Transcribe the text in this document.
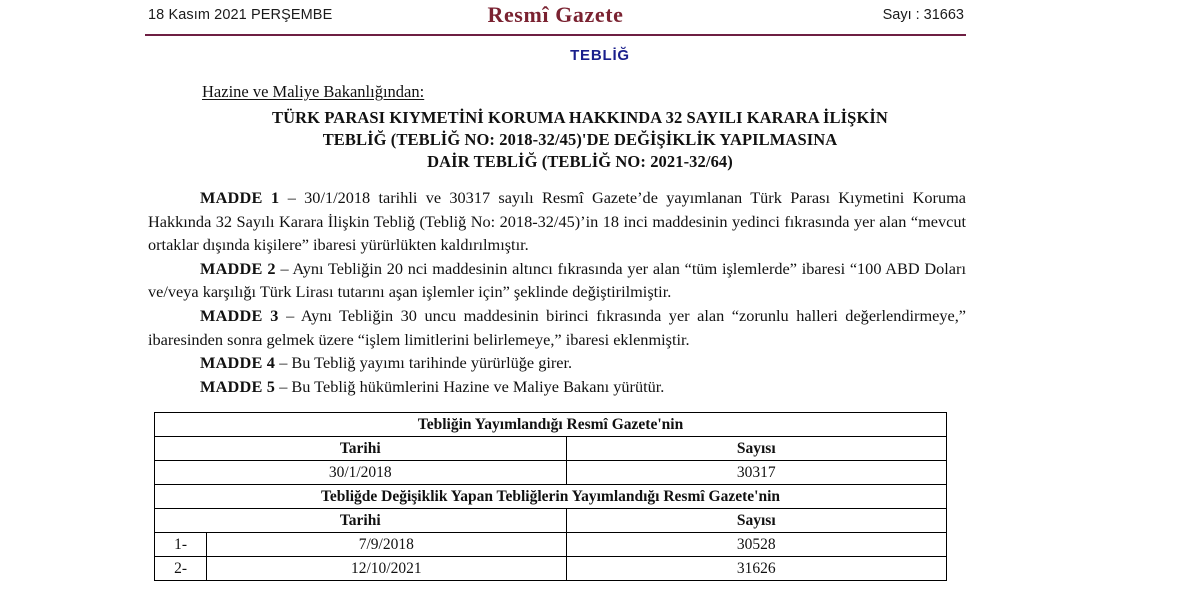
18 Kasım 2021 PERŞEMBE	Resmî Gazete	Sayı : 31663
TEBLİĞ
Hazine ve Maliye Bakanlığından:
TÜRK PARASI KIYMETİNİ KORUMA HAKKINDA 32 SAYILI KARARA İLİŞKİN
TEBLİĞ (TEBLİĞ NO: 2018-32/45)'DE DEĞİŞİKLİK YAPILMASINA
DAİR TEBLİĞ (TEBLİĞ NO: 2021-32/64)

MADDE 1 – 30/1/2018 tarihli ve 30317 sayılı Resmî Gazete’de yayımlanan Türk Parası Kıymetini Koruma Hakkında 32 Sayılı Karara İlişkin Tebliğ (Tebliğ No: 2018-32/45)’in 18 inci maddesinin yedinci fıkrasında yer alan “mevcut ortaklar dışında kişilere” ibaresi yürürlükten kaldırılmıştır.

MADDE 2 – Aynı Tebliğin 20 nci maddesinin altıncı fıkrasında yer alan “tüm işlemlerde” ibaresi “100 ABD Doları ve/veya karşılığı Türk Lirası tutarını aşan işlemler için” şeklinde değiştirilmiştir.

MADDE 3 – Aynı Tebliğin 30 uncu maddesinin birinci fıkrasında yer alan “zorunlu halleri değerlendirmeye,” ibaresinden sonra gelmek üzere “işlem limitlerini belirlemeye,” ibaresi eklenmiştir.

MADDE 4 – Bu Tebliğ yayımı tarihinde yürürlüğe girer.

MADDE 5 – Bu Tebliğ hükümlerini Hazine ve Maliye Bakanı yürütür.

Tebliğin Yayımlandığı Resmî Gazete'nin		
Tarihi		Sayısı
30/1/2018		30317
Tebliğde Değişiklik Yapan Tebliğlerin Yayımlandığı Resmî Gazete'nin		
Tarihi		Sayısı
1-	7/9/2018	30528
2-	12/10/2021	31626
